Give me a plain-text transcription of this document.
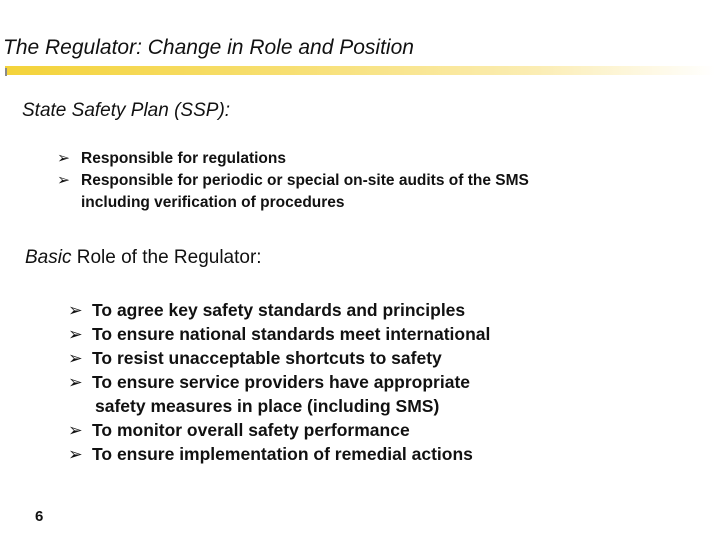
The Regulator: Change in Role and Position
State Safety Plan (SSP):
➢ Responsible for regulations
➢ Responsible for periodic or special on-site audits of the SMS
including verification of procedures
Basic Role of the Regulator:
➢ To agree key safety standards and principles
➢ To ensure national standards meet international
➢ To resist unacceptable shortcuts to safety
➢ To ensure service providers have appropriate
safety measures in place (including SMS)
➢ To monitor overall safety performance
➢ To ensure implementation of remedial actions
6
